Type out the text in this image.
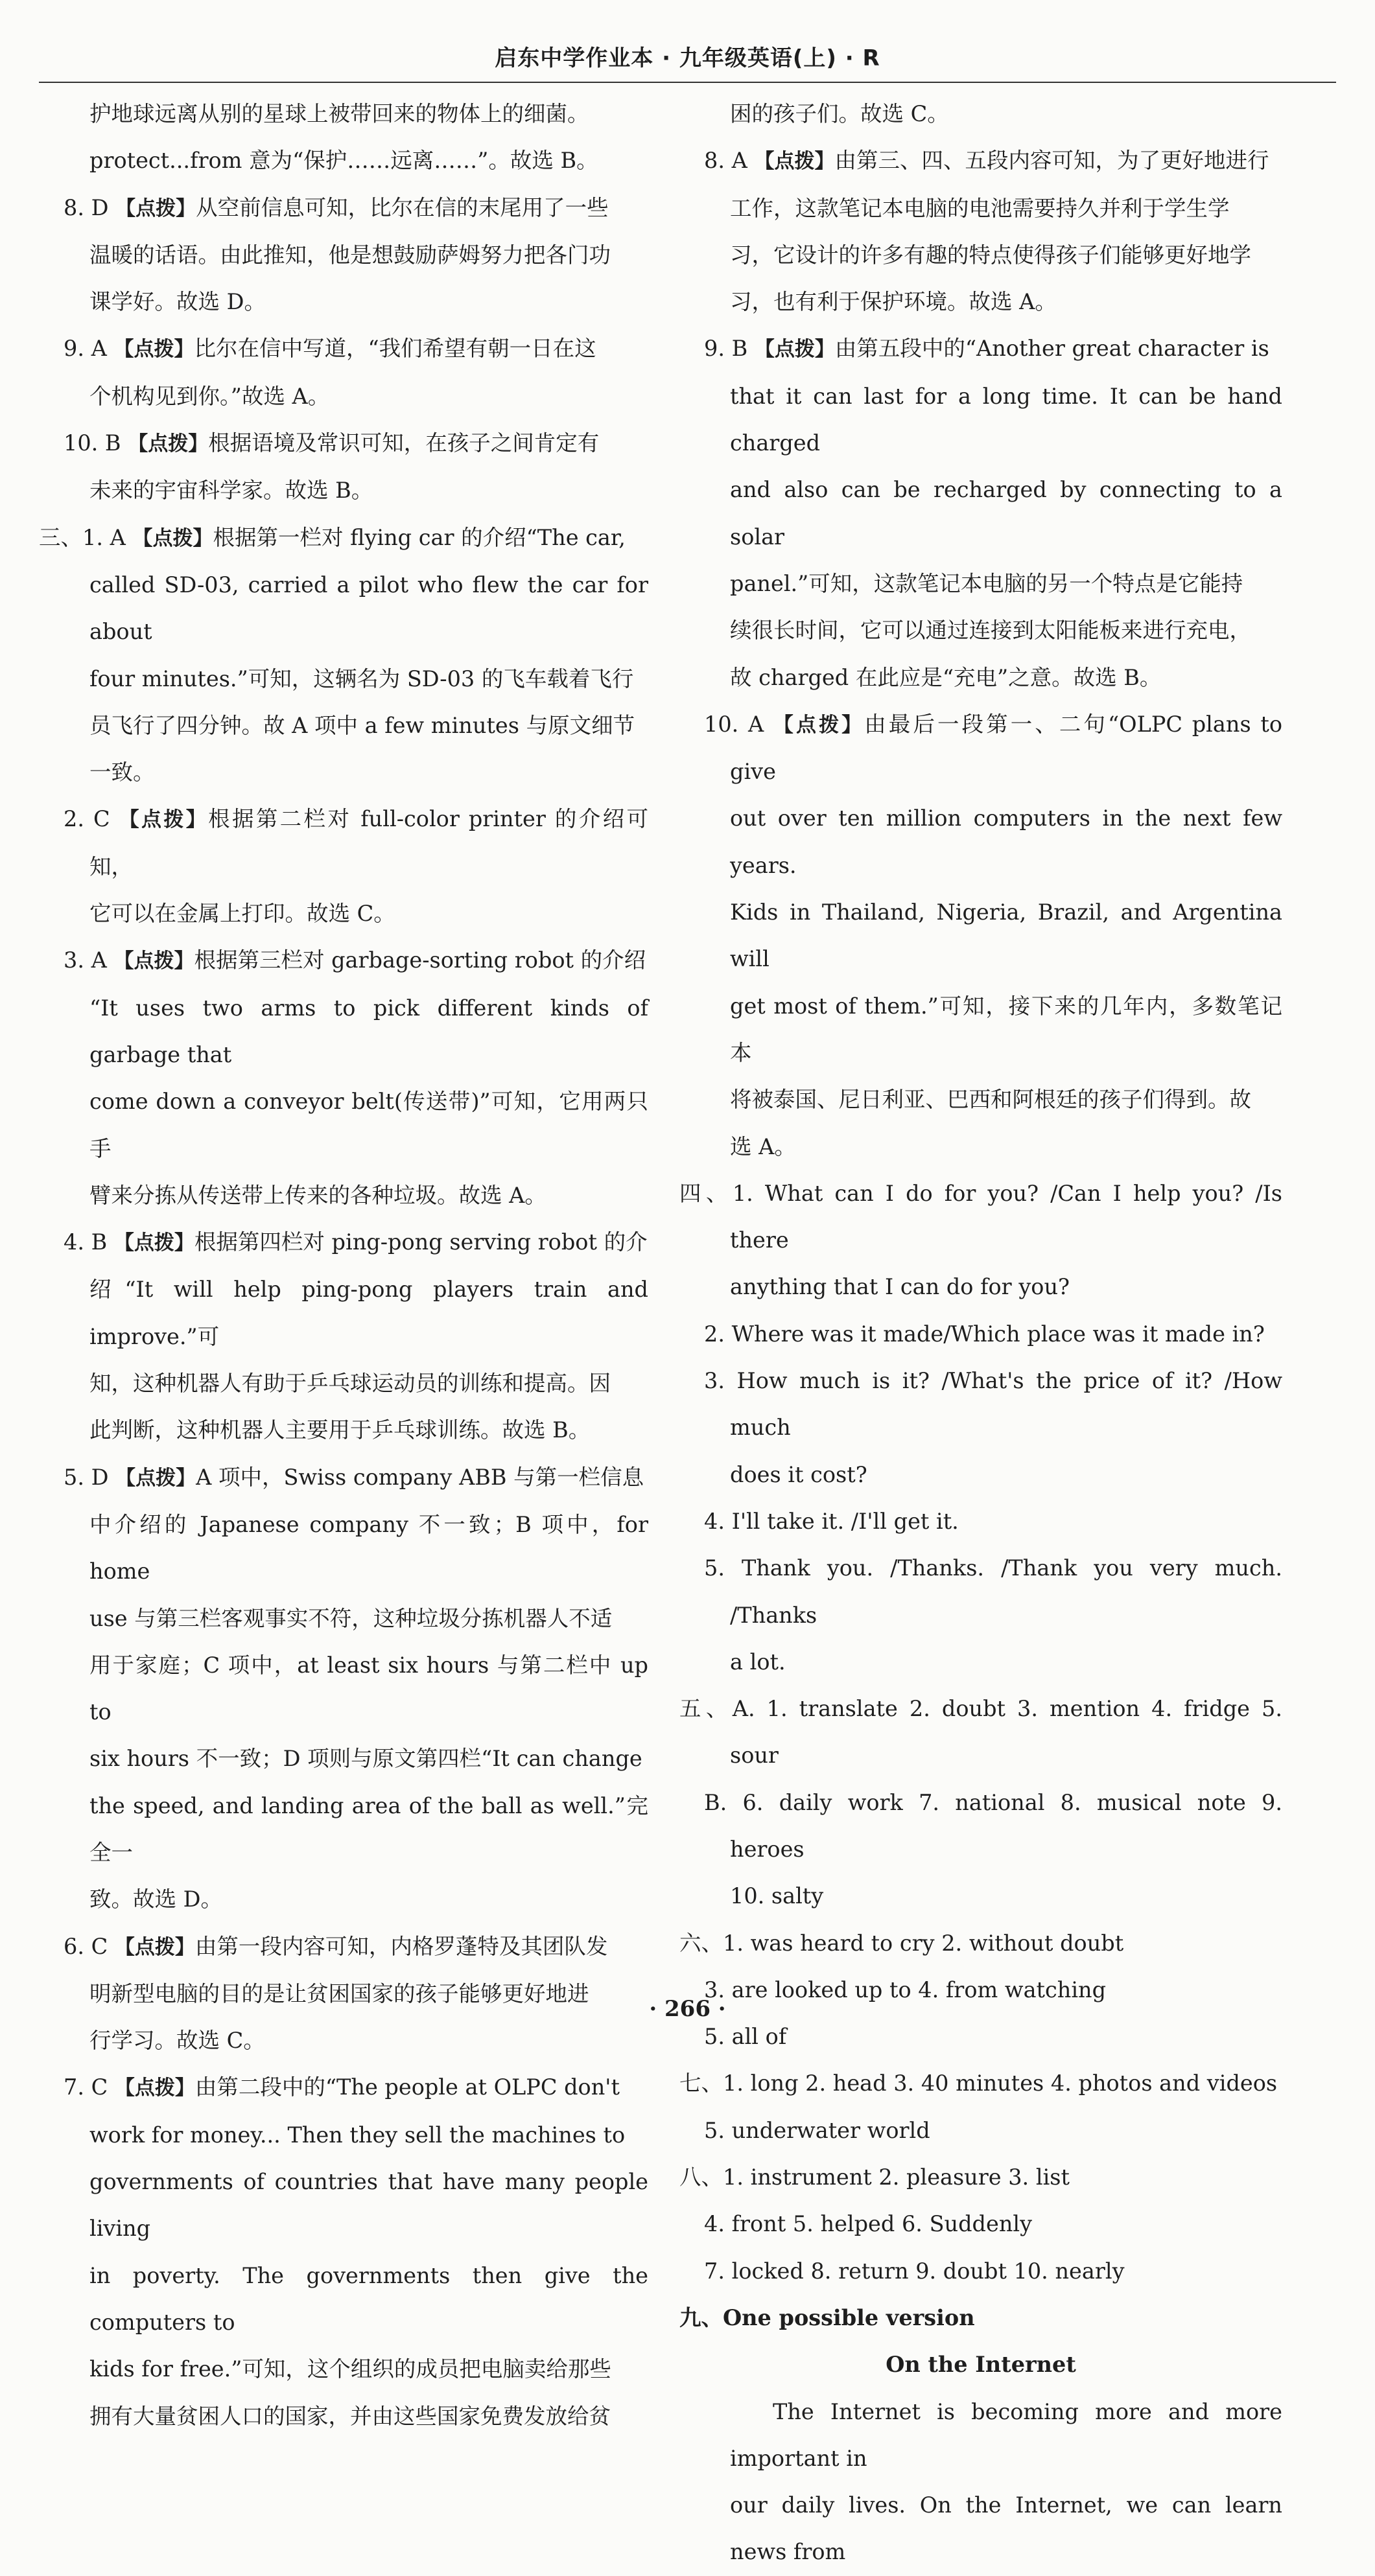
启东中学作业本 · 九年级英语(上) · R

护地球远离从别的星球上被带回来的物体上的细菌。

protect...from 意为“保护……远离……”。故选 B。

8. D 【点拨】从空前信息可知，比尔在信的末尾用了一些

温暖的话语。由此推知，他是想鼓励萨姆努力把各门功

课学好。故选 D。

9. A 【点拨】比尔在信中写道，“我们希望有朝一日在这

个机构见到你。”故选 A。

10. B 【点拨】根据语境及常识可知，在孩子之间肯定有

未来的宇宙科学家。故选 B。

三、1. A 【点拨】根据第一栏对 flying car 的介绍“The car,

called SD-03, carried a pilot who flew the car for about

four minutes.”可知，这辆名为 SD-03 的飞车载着飞行

员飞行了四分钟。故 A 项中 a few minutes 与原文细节

一致。

2. C 【点拨】根据第二栏对 full-color printer 的介绍可知，

它可以在金属上打印。故选 C。

3. A 【点拨】根据第三栏对 garbage-sorting robot 的介绍

“It uses two arms to pick different kinds of garbage that

come down a conveyor belt(传送带)”可知，它用两只手

臂来分拣从传送带上传来的各种垃圾。故选 A。

4. B 【点拨】根据第四栏对 ping-pong serving robot 的介

绍“It will help ping-pong players train and improve.”可

知，这种机器人有助于乒乓球运动员的训练和提高。因

此判断，这种机器人主要用于乒乓球训练。故选 B。

5. D 【点拨】A 项中，Swiss company ABB 与第一栏信息

中介绍的 Japanese company 不一致；B 项中，for home

use 与第三栏客观事实不符，这种垃圾分拣机器人不适

用于家庭；C 项中，at least six hours 与第二栏中 up to

six hours 不一致；D 项则与原文第四栏“It can change

the speed, and landing area of the ball as well.”完全一

致。故选 D。

6. C 【点拨】由第一段内容可知，内格罗蓬特及其团队发

明新型电脑的目的是让贫困国家的孩子能够更好地进

行学习。故选 C。

7. C 【点拨】由第二段中的“The people at OLPC don't

work for money... Then they sell the machines to

governments of countries that have many people living

in poverty. The governments then give the computers to

kids for free.”可知，这个组织的成员把电脑卖给那些

拥有大量贫困人口的国家，并由这些国家免费发放给贫

困的孩子们。故选 C。

8. A 【点拨】由第三、四、五段内容可知，为了更好地进行

工作，这款笔记本电脑的电池需要持久并利于学生学

习，它设计的许多有趣的特点使得孩子们能够更好地学

习，也有利于保护环境。故选 A。

9. B 【点拨】由第五段中的“Another great character is

that it can last for a long time. It can be hand charged

and also can be recharged by connecting to a solar

panel.”可知，这款笔记本电脑的另一个特点是它能持

续很长时间，它可以通过连接到太阳能板来进行充电，

故 charged 在此应是“充电”之意。故选 B。

10. A 【点拨】由最后一段第一、二句“OLPC plans to give

out over ten million computers in the next few years.

Kids in Thailand, Nigeria, Brazil, and Argentina will

get most of them.”可知，接下来的几年内，多数笔记本

将被泰国、尼日利亚、巴西和阿根廷的孩子们得到。故

选 A。

四、1. What can I do for you? /Can I help you? /Is there

anything that I can do for you?

2. Where was it made/Which place was it made in?

3. How much is it? /What's the price of it? /How much

does it cost?

4. I'll take it. /I'll get it.

5. Thank you. /Thanks. /Thank you very much. /Thanks

a lot.

五、A. 1. translate 2. doubt 3. mention 4. fridge 5. sour

B. 6. daily work 7. national 8. musical note 9. heroes

10. salty

六、1. was heard to cry 2. without doubt

3. are looked up to 4. from watching

5. all of

七、1. long 2. head 3. 40 minutes 4. photos and videos

5. underwater world

八、1. instrument 2. pleasure 3. list

4. front 5. helped 6. Suddenly

7. locked 8. return 9. doubt 10. nearly

九、One possible version

On the Internet

The Internet is becoming more and more important in

our daily lives. On the Internet, we can learn news from

· 266 ·
